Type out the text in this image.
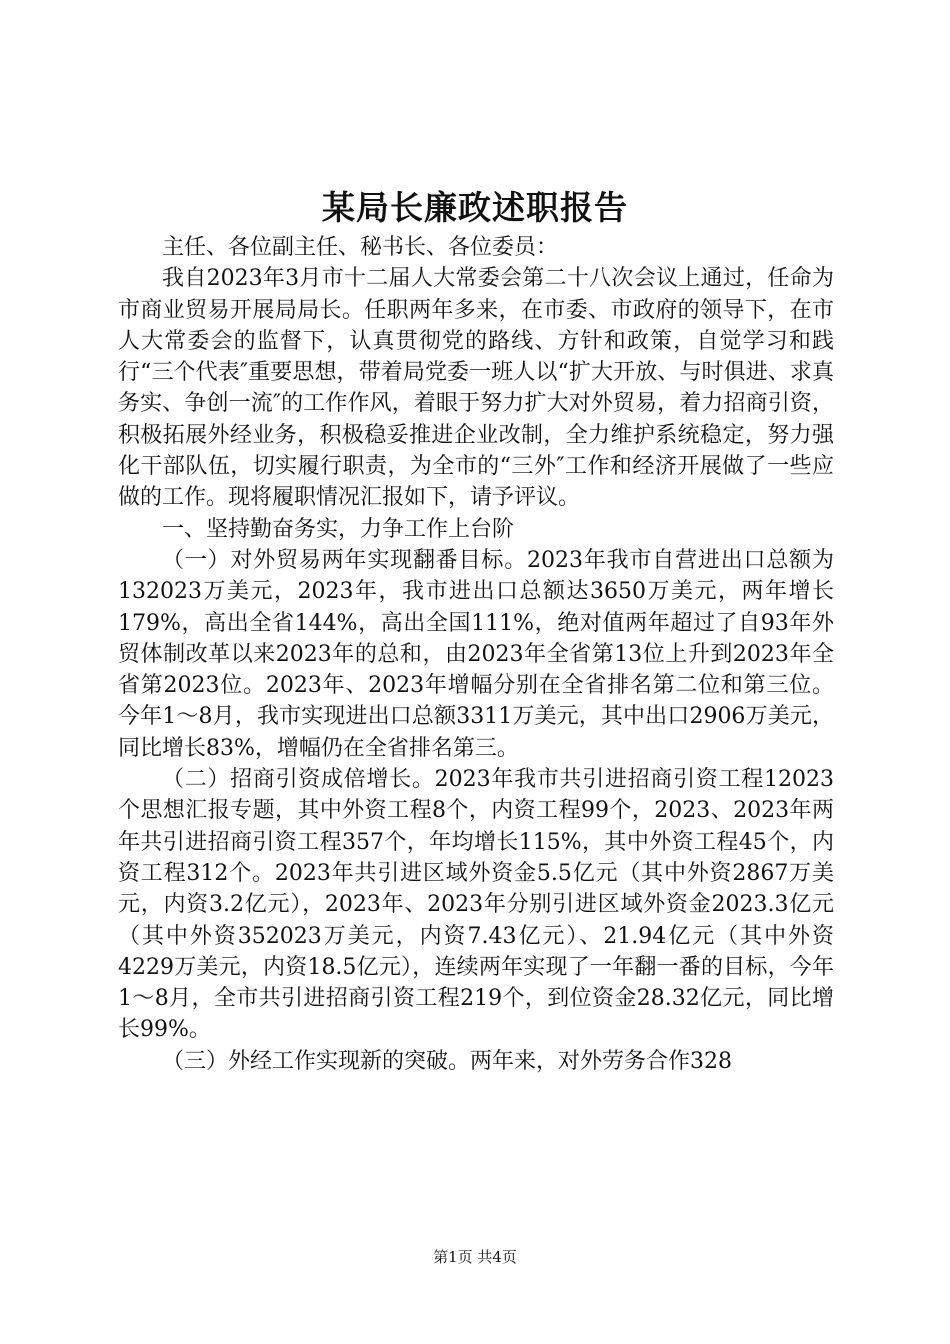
某局长廉政述职报告

主任、各位副主任、秘书长、各位委员：

我自2023年3月市十二届人大常委会第二十八次会议上通过，任命为市商业贸易开展局局长。任职两年多来，在市委、市政府的领导下，在市人大常委会的监督下，认真贯彻党的路线、方针和政策，自觉学习和践行“三个代表″重要思想，带着局党委一班人以“扩大开放、与时俱进、求真务实、争创一流″的工作作风，着眼于努力扩大对外贸易，着力招商引资，积极拓展外经业务，积极稳妥推进企业改制，全力维护系统稳定，努力强化干部队伍，切实履行职责，为全市的“三外″工作和经济开展做了一些应做的工作。现将履职情况汇报如下，请予评议。

一、坚持勤奋务实，力争工作上台阶

（一）对外贸易两年实现翻番目标。2023年我市自营进出口总额为132023万美元，2023年，我市进出口总额达3650万美元，两年增长179%，高出全省144%，高出全国111%，绝对值两年超过了自93年外贸体制改革以来2023年的总和，由2023年全省第13位上升到2023年全省第2023位。2023年、2023年增幅分别在全省排名第二位和第三位。今年1～8月，我市实现进出口总额3311万美元，其中出口2906万美元，同比增长83%，增幅仍在全省排名第三。

（二）招商引资成倍增长。2023年我市共引进招商引资工程12023个思想汇报专题，其中外资工程8个，内资工程99个，2023、2023年两年共引进招商引资工程357个，年均增长115%，其中外资工程45个，内资工程312个。2023年共引进区域外资金5.5亿元（其中外资2867万美元，内资3.2亿元），2023年、2023年分别引进区域外资金2023.3亿元（其中外资352023万美元，内资7.43亿元）、21.94亿元（其中外资4229万美元，内资18.5亿元），连续两年实现了一年翻一番的目标，今年1～8月，全市共引进招商引资工程219个，到位资金28.32亿元，同比增长99%。

（三）外经工作实现新的突破。两年来，对外劳务合作328

第1页 共4页
